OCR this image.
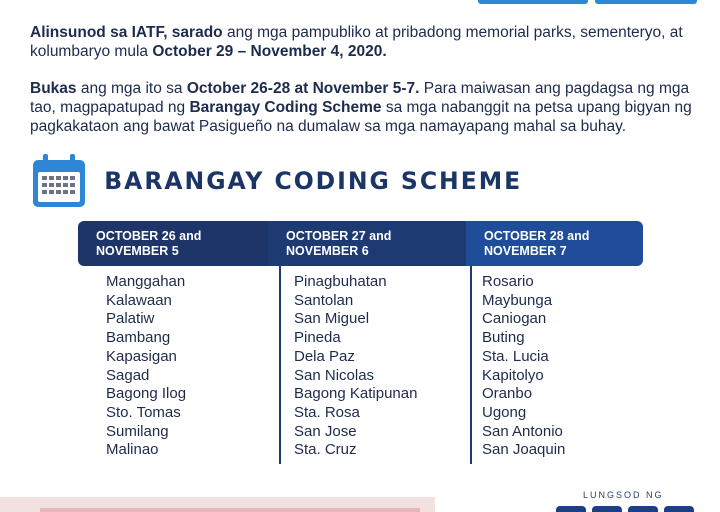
Alinsunod sa IATF, sarado ang mga pampubliko at pribadong memorial parks, sementeryo, at kolumbaryo mula October 29 – November 4, 2020.
Bukas ang mga ito sa October 26-28 at November 5-7. Para maiwasan ang pagdagsa ng mga tao, magpapatupad ng Barangay Coding Scheme sa mga nabanggit na petsa upang bigyan ng pagkakataon ang bawat Pasigueño na dumalaw sa mga namayapang mahal sa buhay.
BARANGAY CODING SCHEME
OCTOBER 26 and
NOVEMBER 5
OCTOBER 27 and
NOVEMBER 6
OCTOBER 28 and
NOVEMBER 7
Manggahan
Kalawaan
Palatiw
Bambang
Kapasigan
Sagad
Bagong Ilog
Sto. Tomas
Sumilang
Malinao
Pinagbuhatan
Santolan
San Miguel
Pineda
Dela Paz
San Nicolas
Bagong Katipunan
Sta. Rosa
San Jose
Sta. Cruz
Rosario
Maybunga
Caniogan
Buting
Sta. Lucia
Kapitolyo
Oranbo
Ugong
San Antonio
San Joaquin
LUNGSOD NG
